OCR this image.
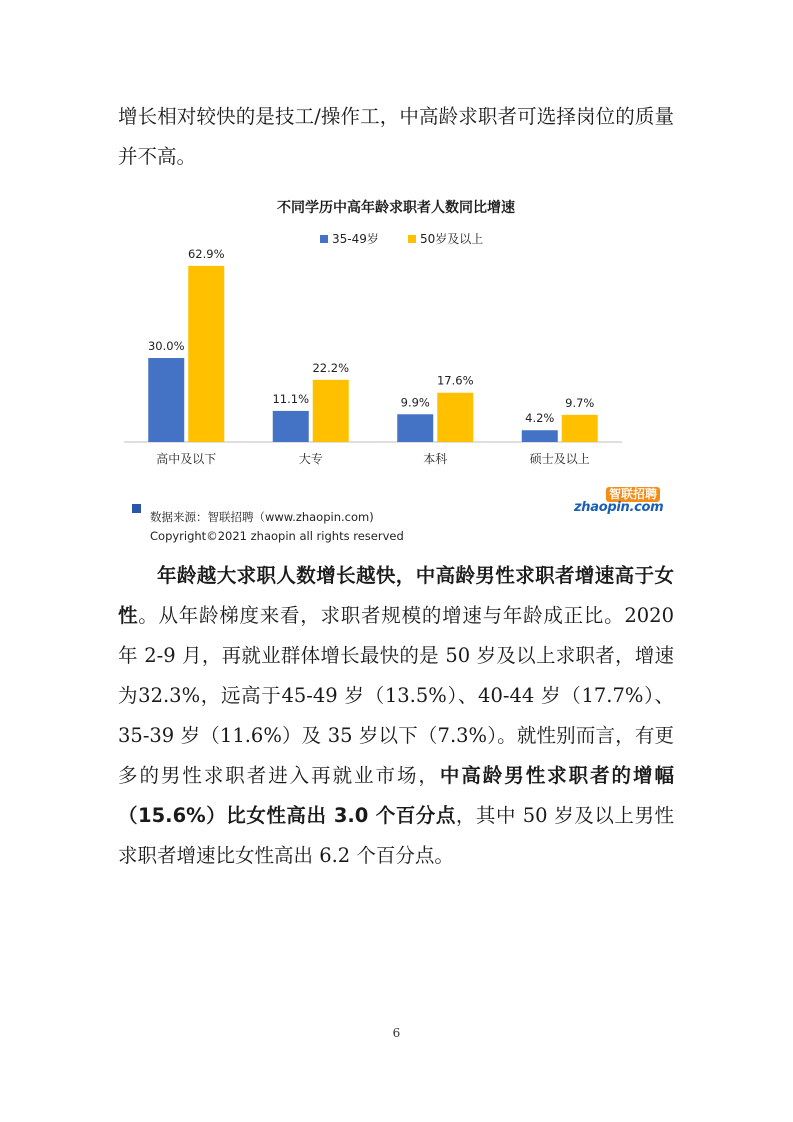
增长相对较快的是技工/操作工，中高龄求职者可选择岗位的质量并不高。

不同学历中高年龄求职者人数同比增速
35-49岁	50岁及以上
30.0%
62.9%
高中及以下
11.1%
22.2%
大专
9.9%
17.6%
本科
4.2%
9.7%
硕士及以上
数据来源：智联招聘（www.zhaopin.com)
Copyright©2021 zhaopin all rights reserved
智联招聘
zhaopin.com

年龄越大求职人数增长越快，中高龄男性求职者增速高于女性。从年龄梯度来看，求职者规模的增速与年龄成正比。2020 年 2-9 月，再就业群体增长最快的是 50 岁及以上求职者，增速为32.3%，远高于45-49 岁（13.5%）、40-44 岁（17.7%）、35-39 岁（11.6%）及 35 岁以下（7.3%）。就性别而言，有更多的男性求职者进入再就业市场，中高龄男性求职者的增幅（15.6%）比女性高出 3.0 个百分点，其中 50 岁及以上男性求职者增速比女性高出 6.2 个百分点。

6
